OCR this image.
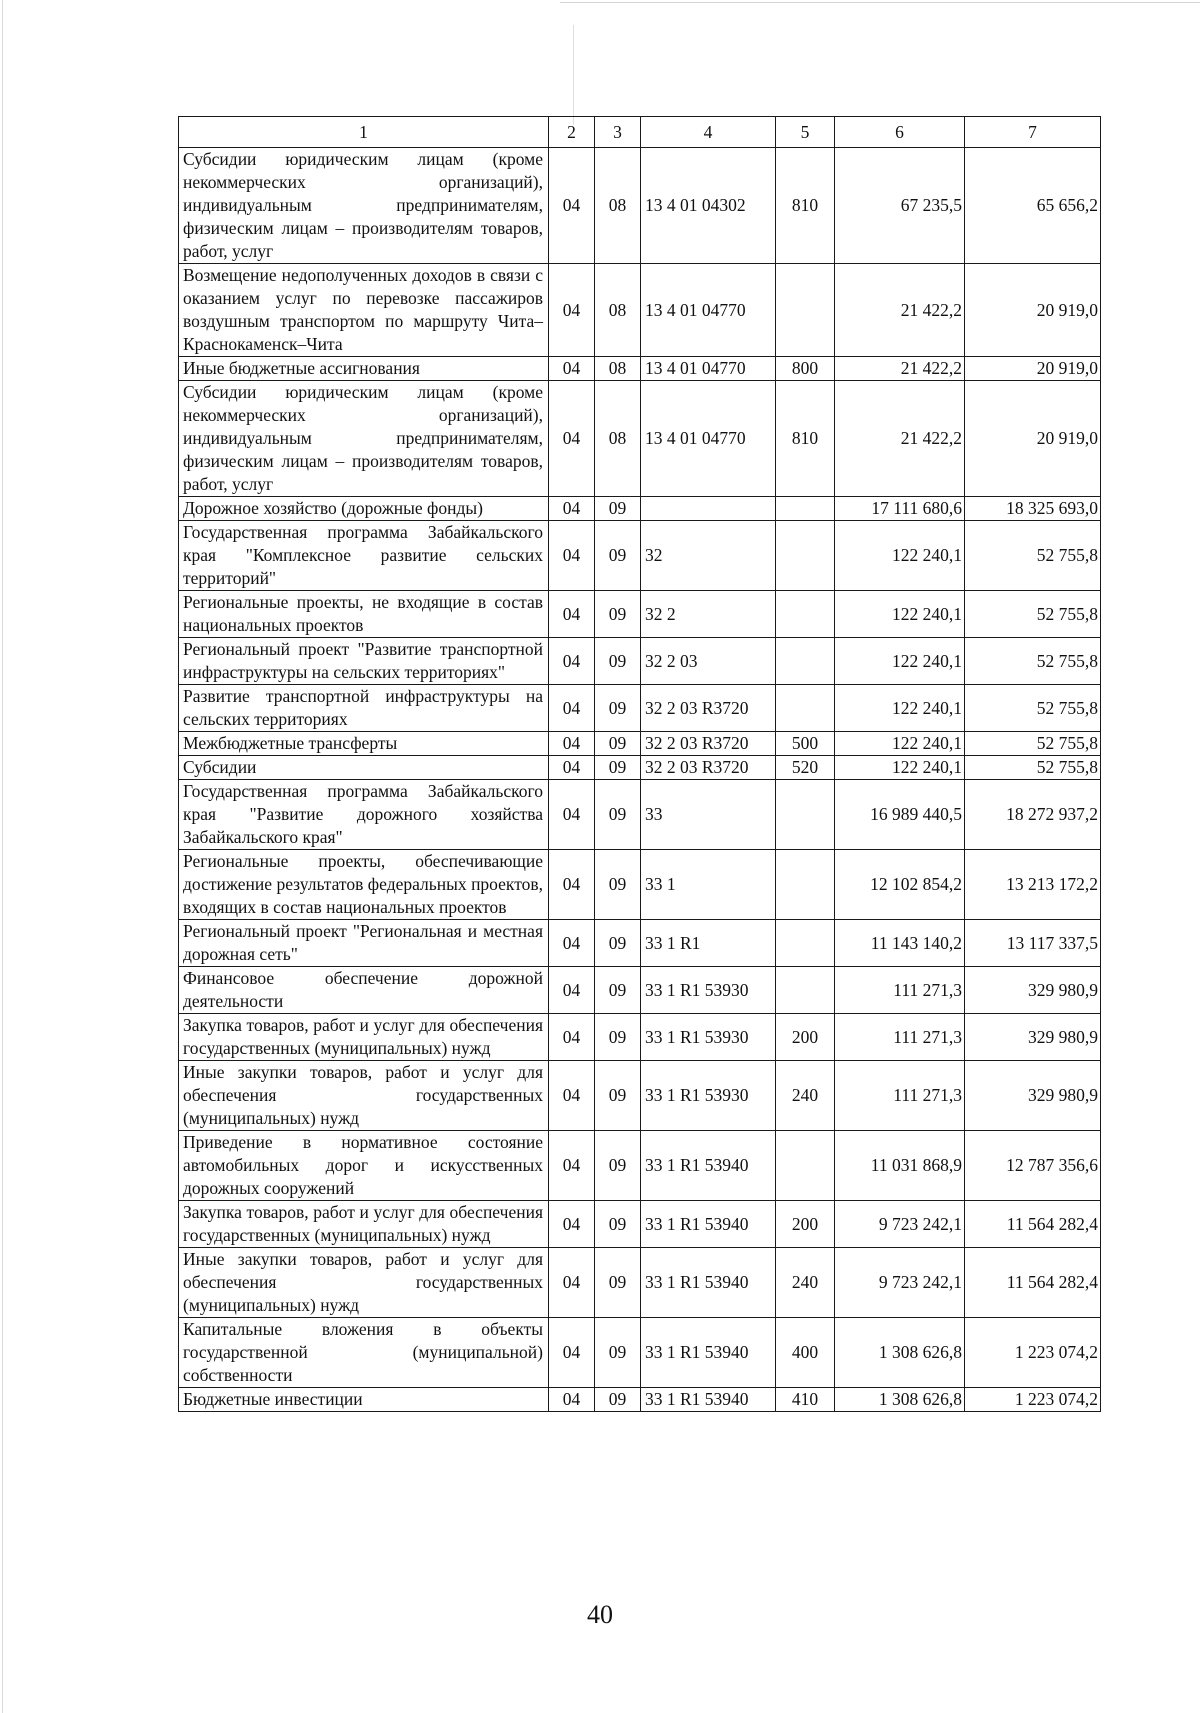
1	2	3	4	5	6	7
Субсидии юридическим лицам (кроме некоммерческих организаций), индивидуальным предпринимателям, физическим лицам – производителям товаров, работ, услуг	04	08	13 4 01 04302	810	67 235,5	65 656,2
Возмещение недополученных доходов в связи с оказанием услуг по перевозке пассажиров воздушным транспортом по маршруту Чита–Краснокаменск–Чита	04	08	13 4 01 04770		21 422,2	20 919,0
Иные бюджетные ассигнования	04	08	13 4 01 04770	800	21 422,2	20 919,0
Субсидии юридическим лицам (кроме некоммерческих организаций), индивидуальным предпринимателям, физическим лицам – производителям товаров, работ, услуг	04	08	13 4 01 04770	810	21 422,2	20 919,0
Дорожное хозяйство (дорожные фонды)	04	09			17 111 680,6	18 325 693,0
Государственная программа Забайкальского края "Комплексное развитие сельских территорий"	04	09	32		122 240,1	52 755,8
Региональные проекты, не входящие в состав национальных проектов	04	09	32 2		122 240,1	52 755,8
Региональный проект "Развитие транспортной инфраструктуры на сельских территориях"	04	09	32 2 03		122 240,1	52 755,8
Развитие транспортной инфраструктуры на сельских территориях	04	09	32 2 03 R3720		122 240,1	52 755,8
Межбюджетные трансферты	04	09	32 2 03 R3720	500	122 240,1	52 755,8
Субсидии	04	09	32 2 03 R3720	520	122 240,1	52 755,8
Государственная программа Забайкальского края "Развитие дорожного хозяйства Забайкальского края"	04	09	33		16 989 440,5	18 272 937,2
Региональные проекты, обеспечивающие достижение результатов федеральных проектов, входящих в состав национальных проектов	04	09	33 1		12 102 854,2	13 213 172,2
Региональный проект "Региональная и местная дорожная сеть"	04	09	33 1 R1		11 143 140,2	13 117 337,5
Финансовое обеспечение дорожной деятельности	04	09	33 1 R1 53930		111 271,3	329 980,9
Закупка товаров, работ и услуг для обеспечения государственных (муниципальных) нужд	04	09	33 1 R1 53930	200	111 271,3	329 980,9
Иные закупки товаров, работ и услуг для обеспечения государственных (муниципальных) нужд	04	09	33 1 R1 53930	240	111 271,3	329 980,9
Приведение в нормативное состояние автомобильных дорог и искусственных дорожных сооружений	04	09	33 1 R1 53940		11 031 868,9	12 787 356,6
Закупка товаров, работ и услуг для обеспечения государственных (муниципальных) нужд	04	09	33 1 R1 53940	200	9 723 242,1	11 564 282,4
Иные закупки товаров, работ и услуг для обеспечения государственных (муниципальных) нужд	04	09	33 1 R1 53940	240	9 723 242,1	11 564 282,4
Капитальные вложения в объекты государственной (муниципальной) собственности	04	09	33 1 R1 53940	400	1 308 626,8	1 223 074,2
Бюджетные инвестиции	04	09	33 1 R1 53940	410	1 308 626,8	1 223 074,2
40
